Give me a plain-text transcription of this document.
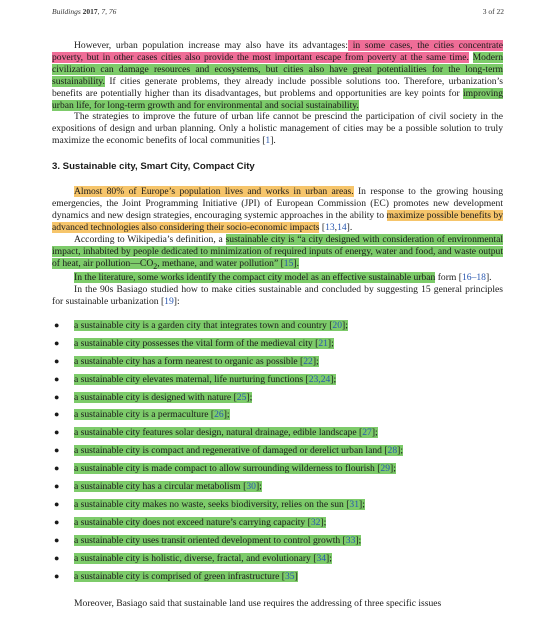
Buildings 2017, 7, 76	3 of 22

However, urban population increase may also have its advantages: in some cases, the cities concentrate poverty, but in other cases cities also provide the most important escape from poverty at the same time. Modern civilization can damage resources and ecosystems, but cities also have great potentialities for the long-term sustainability. If cities generate problems, they already include possible solutions too. Therefore, urbanization’s benefits are potentially higher than its disadvantages, but problems and opportunities are key points for improving urban life, for long-term growth and for environmental and social sustainability.

The strategies to improve the future of urban life cannot be prescind the participation of civil society in the expositions of design and urban planning. Only a holistic management of cities may be a possible solution to truly maximize the economic benefits of local communities [1].

3. Sustainable city, Smart City, Compact City

Almost 80% of Europe’s population lives and works in urban areas. In response to the growing housing emergencies, the Joint Programming Initiative (JPI) of European Commission (EC) promotes new development dynamics and new design strategies, encouraging systemic approaches in the ability to maximize possible benefits by advanced technologies also considering their socio-economic impacts [13,14].

According to Wikipedia’s definition, a sustainable city is “a city designed with consideration of environmental impact, inhabited by people dedicated to minimization of required inputs of energy, water and food, and waste output of heat, air $pollution—CO_2$, methane, and water pollution” [15].

In the literature, some works identify the compact city model as an effective sustainable urban form [16–18].

In the 90s Basiago studied how to make cities sustainable and concluded by suggesting 15 general principles for sustainable urbanization [19]:

● a sustainable city is a garden city that integrates town and country [20];
● a sustainable city possesses the vital form of the medieval city [21];
● a sustainable city has a form nearest to organic as possible [22];
● a sustainable city elevates maternal, life nurturing functions [23,24];
● a sustainable city is designed with nature [25];
● a sustainable city is a permaculture [26];
● a sustainable city features solar design, natural drainage, edible landscape [27];
● a sustainable city is compact and regenerative of damaged or derelict urban land [28];
● a sustainable city is made compact to allow surrounding wilderness to flourish [29];
● a sustainable city has a circular metabolism [30];
● a sustainable city makes no waste, seeks biodiversity, relies on the sun [31];
● a sustainable city does not exceed nature’s carrying capacity [32];
● a sustainable city uses transit oriented development to control growth [33];
● a sustainable city is holistic, diverse, fractal, and evolutionary [34];
● a sustainable city is comprised of green infrastructure [35]

Moreover, Basiago said that sustainable land use requires the addressing of three specific issues
